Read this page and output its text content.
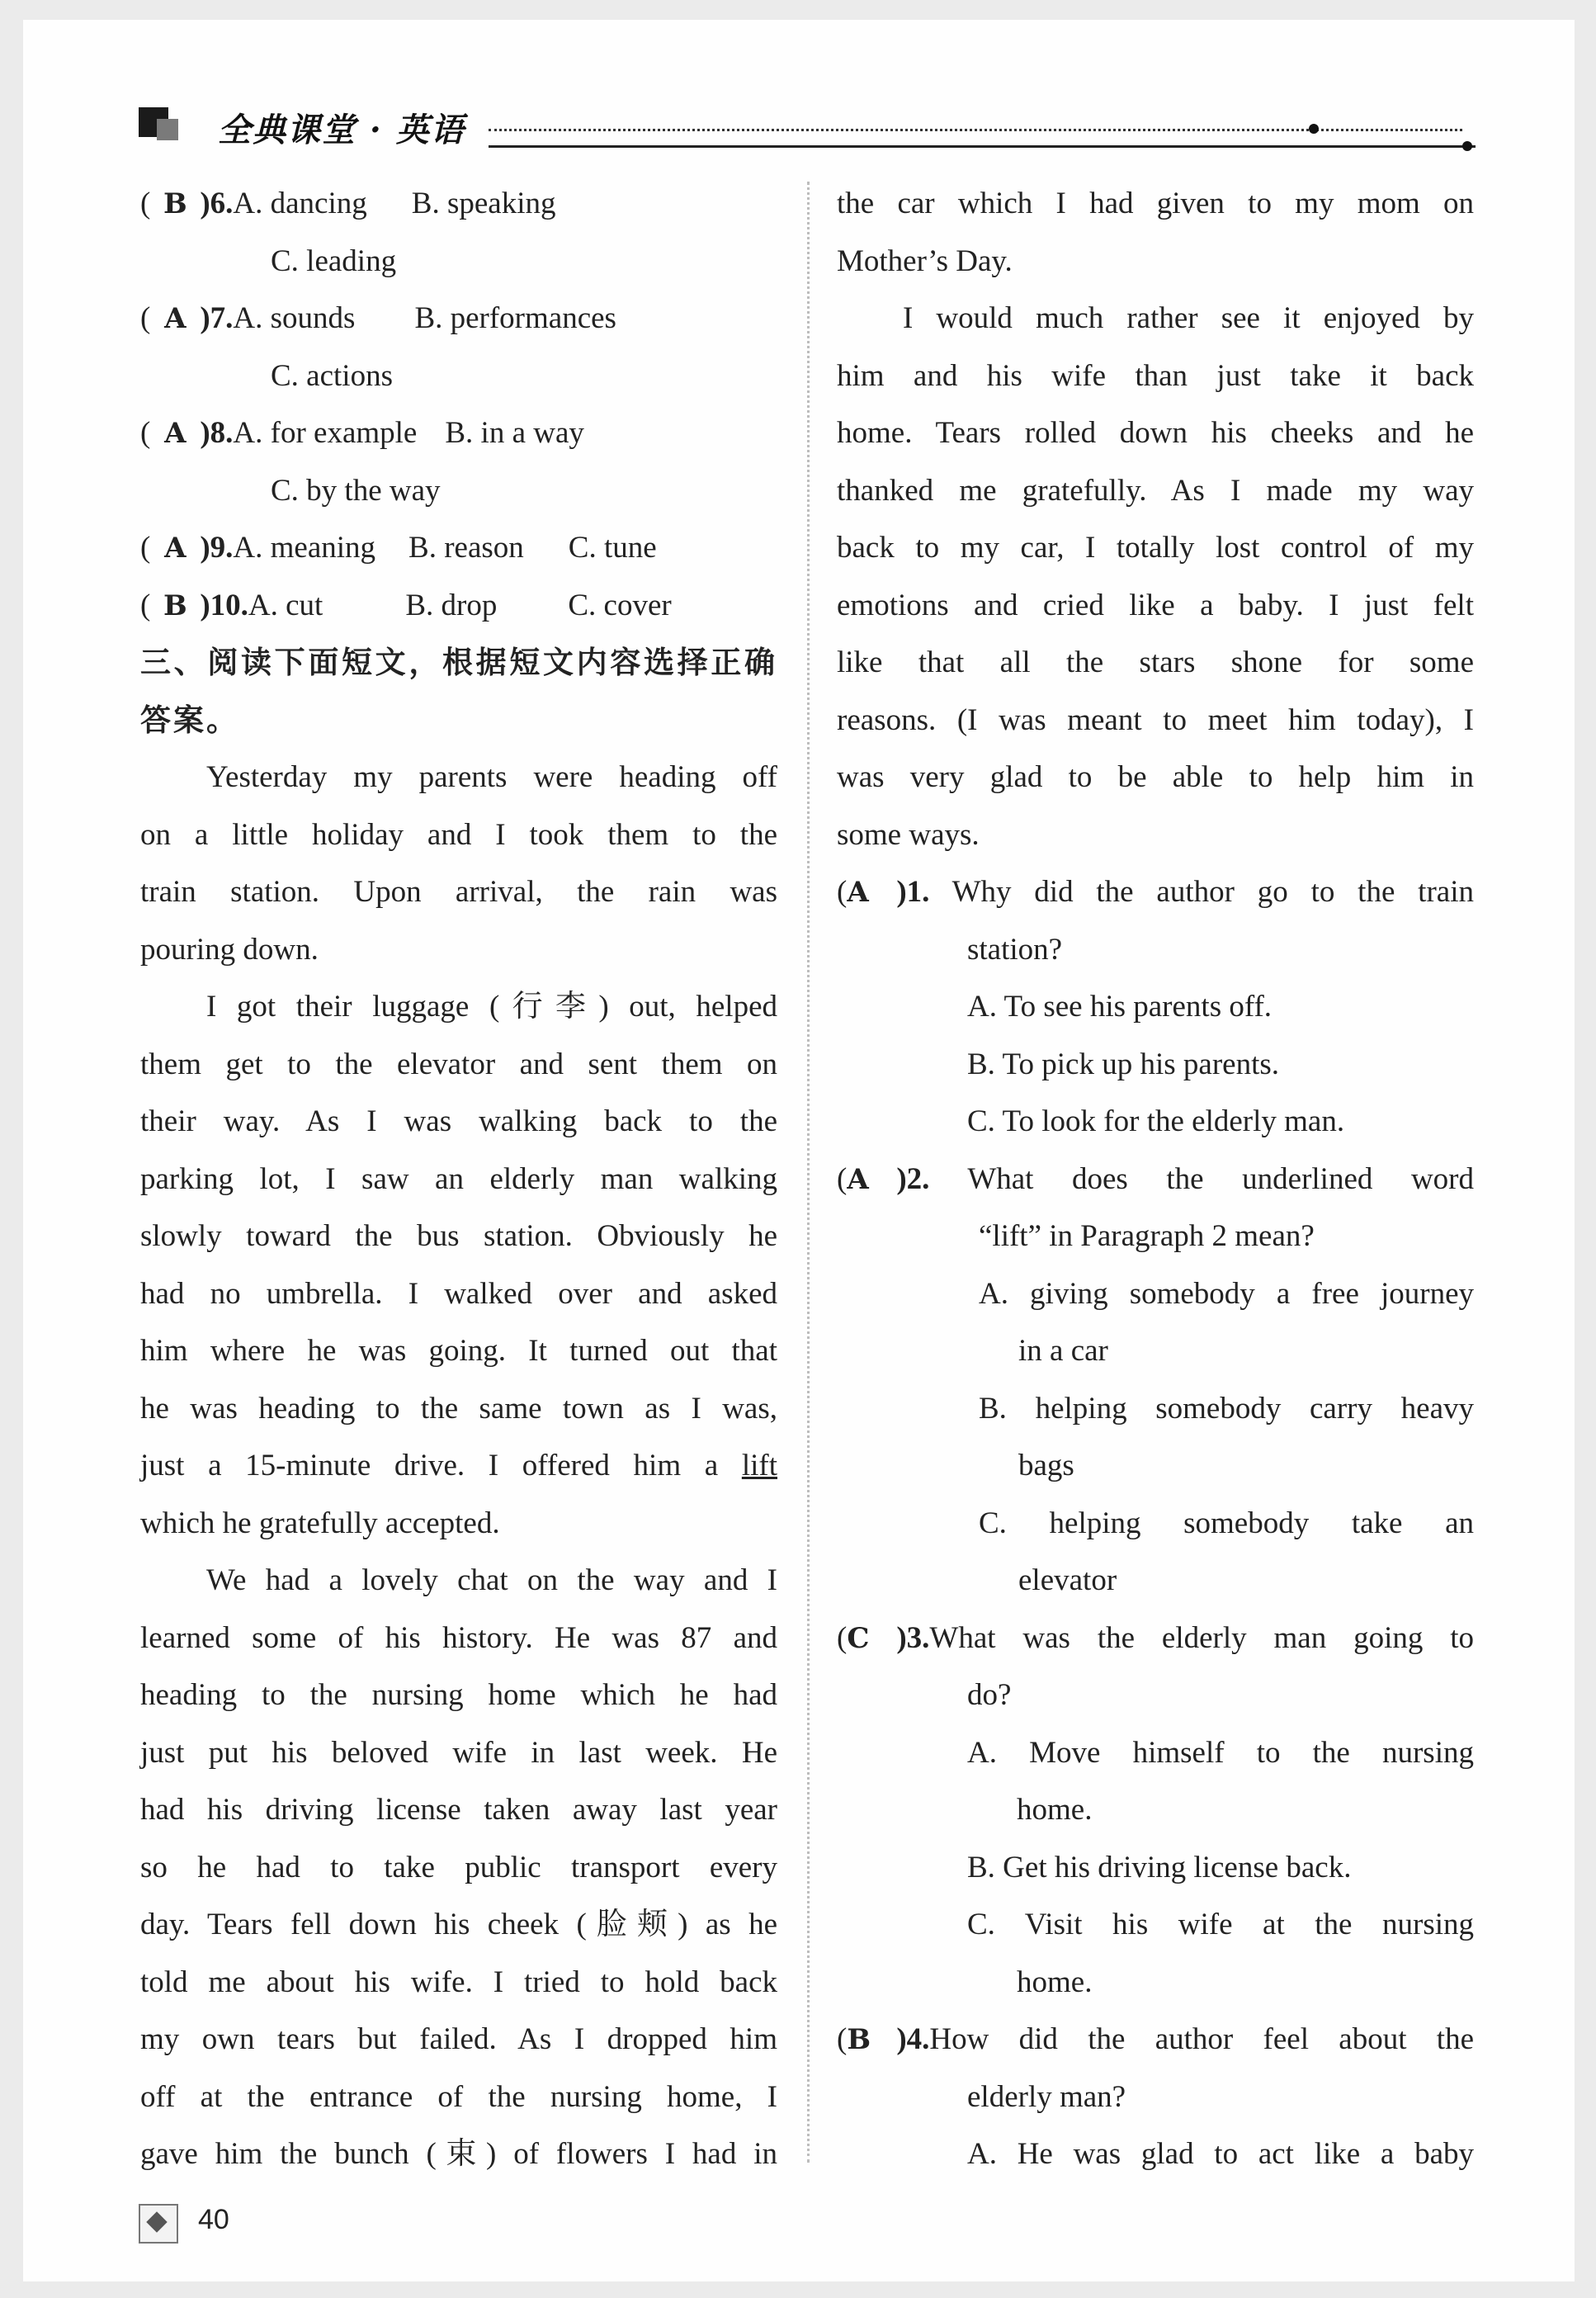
全典课堂 · 英语
( B )6.A. dancing B. speaking
C. leading
( A )7.A. sounds B. performances
C. actions
( A )8.A. for example B. in a way
C. by the way
( A )9.A. meaning B. reason C. tune
( B )10.A. cut	B. drop C. cover
三、阅读下面短文，根据短文内容选择正确
答案。
Yesterday my parents were heading off
on a little holiday and I took them to the
train station. Upon arrival, the rain was
pouring down.
I got their luggage (行李) out, helped
them get to the elevator and sent them on
their way. As I was walking back to the
parking lot, I saw an elderly man walking
slowly toward the bus station. Obviously he
had no umbrella. I walked over and asked
him where he was going. It turned out that
he was heading to the same town as I was,
just a 15-minute drive. I offered him a lift
which he gratefully accepted.
We had a lovely chat on the way and I
learned some of his history. He was 87 and
heading to the nursing home which he had
just put his beloved wife in last week. He
had his driving license taken away last year
so he had to take public transport every
day. Tears fell down his cheek (脸颊) as he
told me about his wife. I tried to hold back
my own tears but failed. As I dropped him
off at the entrance of the nursing home, I
gave him the bunch (束) of flowers I had in
the car which I had given to my mom on
Mother’s Day.
I would much rather see it enjoyed by
him and his wife than just take it back
home. Tears rolled down his cheeks and he
thanked me gratefully. As I made my way
back to my car, I totally lost control of my
emotions and cried like a baby. I just felt
like that all the stars shone for some
reasons. (I was meant to meet him today), I
was very glad to be able to help him in
some ways.
(A )1. Why did the author go to the train
station?
A. To see his parents off.
B. To pick up his parents.
C. To look for the elderly man.
(A )2. What does the underlined word
“lift” in Paragraph 2 mean?
A. giving somebody a free journey
in a car
B. helping somebody carry heavy
bags
C. helping somebody take an
elevator
(C )3.What was the elderly man going to
do?
A. Move himself to the nursing
home.
B. Get his driving license back.
C. Visit his wife at the nursing
home.
(B )4.How did the author feel about the
elderly man?
A. He was glad to act like a baby
40
